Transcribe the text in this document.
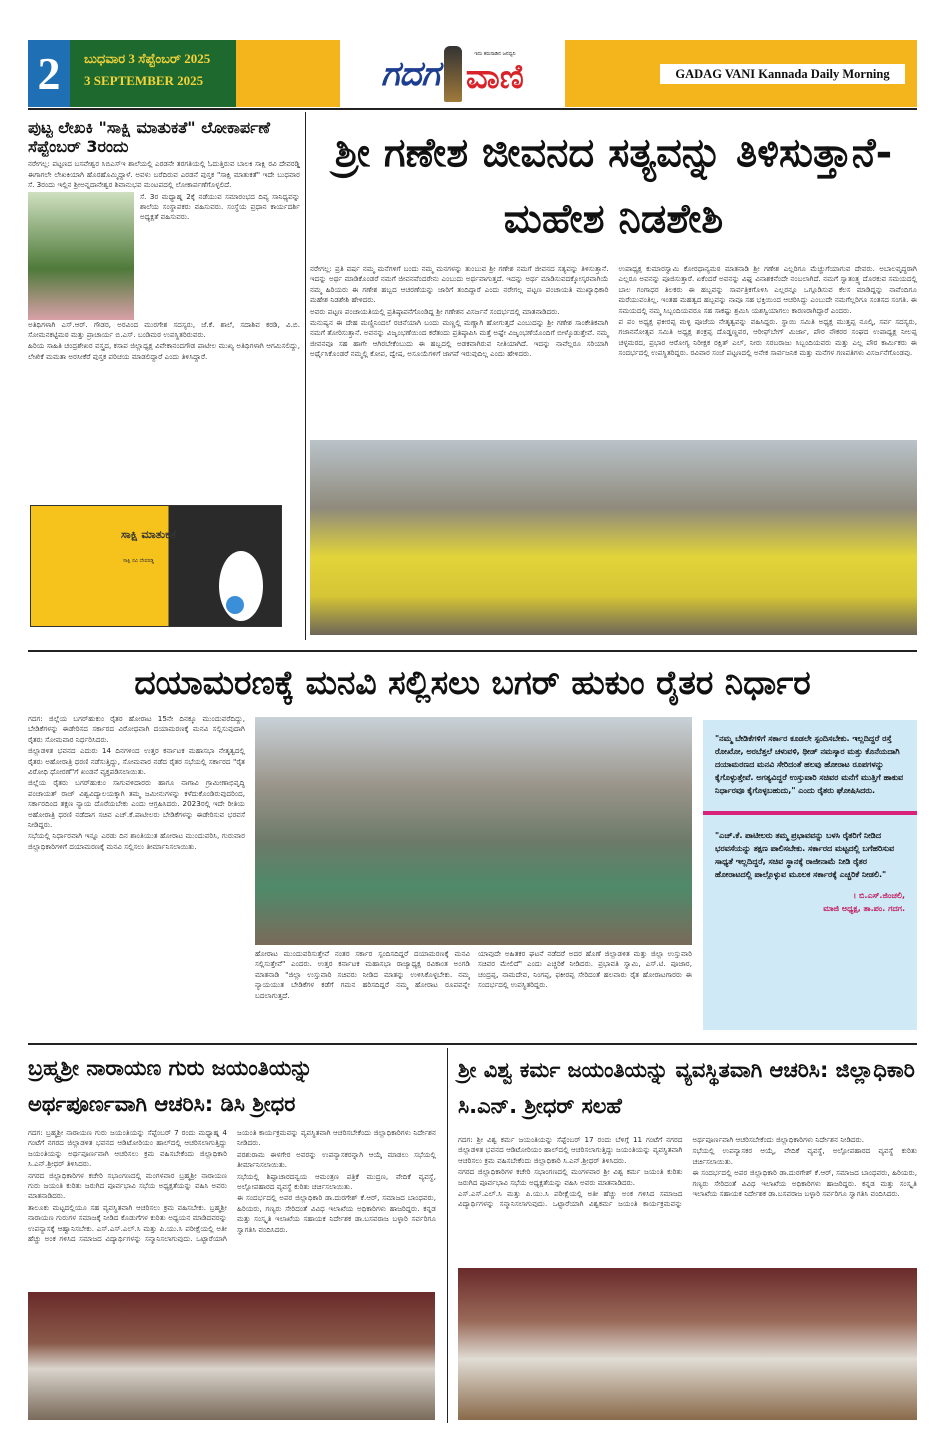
2	ಬುಧವಾರ 3 ಸೆಪ್ಟೆಂಬರ್ 2025
3 SEPTEMBER 2025	ಗದಗ	ಇದು ಕರುನಾಡಿನ ಜನಧ್ವನಿ
ವಾಣಿ	GADAG VANI Kannada Daily Morning
ಪುಟ್ಟ ಲೇಖಕಿ "ಸಾಕ್ಷಿ ಮಾತುಕತೆ" ಲೋಕಾರ್ಪಣೆ ಸೆಪ್ಟೆಂಬರ್ 3ರಂದು

ನರೇಗಲ್ಲ: ಪಟ್ಟಣದ ಬಸವೇಶ್ವರ ಸಿಬಿಎಸ್‌ಇ ಶಾಲೆಯಲ್ಲಿ ಎರಡನೇ ತರಗತಿಯಲ್ಲಿ ಓದುತ್ತಿರುವ ಬಾಲಕಿ ಸಾಕ್ಷಿ ರವಿ ದೇವರಡ್ಡಿ ಈಗಾಗಲೇ ಲೇಖಕಿಯಾಗಿ ಹೊರಹೊಮ್ಮಿದ್ದಾಳೆ. ಅವಳು ಬರೆದಿರುವ ಎರಡನೆ ಪುಸ್ತಕ "ಸಾಕ್ಷಿ ಮಾತುಕತೆ" ಇದೇ ಬುಧವಾರ ಸೆ. 3ರಂದು ಇಲ್ಲಿನ ಶ್ರೀಅನ್ನದಾನೇಶ್ವರ ಶಿವಾನುಭವ ಮಂಟಪದಲ್ಲಿ ಲೋಕಾರ್ಪಣೆಗೊಳ್ಳಲಿದೆ.

ಸೆ. 3ರ ಮಧ್ಯಾಹ್ನ 2ಕ್ಕೆ ನಡೆಯುವ ಸಮಾರಂಭದ ದಿವ್ಯ ಸಾನಿಧ್ಯವನ್ನು ಶಾಲೆಯ ಸಂಸ್ಥಾಪಕರು ವಹಿಸುವರು. ಸಂಸ್ಥೆಯ ಪ್ರಧಾನ ಕಾರ್ಯದರ್ಶಿ ಅಧ್ಯಕ್ಷತೆ ವಹಿಸುವರು.

ಅತಿಥಿಗಳಾಗಿ ಎಸ್.ಆರ್. ಗೌಡರ, ಅರವಿಂದ ಮುರಗೇಶ ಸದಸ್ಯರು, ಜೆ.ಕೆ. ಶಾಲೆ, ಸದಾಶಿವ ಕರಡಿ, ವಿ.ಬಿ. ಸೋಮನಕಟ್ಟಿಮಠ ಮತ್ತು ಪ್ರಾಚಾರ್ಯ ಬಿ.ಎಸ್. ಬಂಡಿಮಠ ಉಪಸ್ಥಿತರಿರುವರು.

ಹಿರಿಯ ಸಾಹಿತಿ ಚಂದ್ರಶೇಖರ ವಸ್ತ್ರದ, ಕಸಾಪ ಜಿಲ್ಲಾಧ್ಯಕ್ಷ ವಿವೇಕಾನಂದಗೌಡ ಪಾಟೀಲ ಮುಖ್ಯ ಅತಿಥಿಗಳಾಗಿ ಆಗಮಿಸಲಿದ್ದು, ಲೇಖಿಕೆ ಮಮತಾ ಅರಸೀಕೆರೆ ಪುಸ್ತಕ ಪರಿಚಯ ಮಾಡಲಿದ್ದಾರೆ ಎಂದು ತಿಳಿಸಿದ್ದಾರೆ.

ಸಾಕ್ಷಿ ಮಾತುಕತೆ
ಸಾಕ್ಷಿ ರವಿ ದೇವರಡ್ಡಿ
ಶ್ರೀ ಗಣೇಶ ಜೀವನದ ಸತ್ಯವನ್ನು ತಿಳಿಸುತ್ತಾನೆ- ಮಹೇಶ ನಿಡಶೇಶಿ

ನರೇಗಲ್ಲ: ಪ್ರತಿ ವರ್ಷ ನಮ್ಮ ಮನೆಗಳಿಗೆ ಬಂದು ನಮ್ಮ ಮನಗಳನ್ನು ತುಂಬುವ ಶ್ರೀ ಗಣೇಶ ನಮಗೆ ಜೀವನದ ಸತ್ಯವನ್ನು ತಿಳಿಸುತ್ತಾನೆ. ಇದನ್ನು ಅರ್ಥ ಮಾಡಿಕೊಂಡರೆ ನಮಗೆ ಜೀವನವೆಂದರೇನು ಎಂಬುದು ಅರ್ಥವಾಗುತ್ತದೆ. ಇದನ್ನು ಅರ್ಥ ಮಾಡಿಸುವದಕ್ಕೋಸ್ಕರವಾಗಿಯೆ ನಮ್ಮ ಹಿರಿಯರು ಈ ಗಣೇಶ ಹಬ್ಬದ ಆಚರಣೆಯನ್ನು ಜಾರಿಗೆ ತಂದಿದ್ದಾರೆ ಎಂದು ನರೇಗಲ್ಲ ಪಟ್ಟಣ ಪಂಚಾಯತಿ ಮುಖ್ಯಾಧಿಕಾರಿ ಮಹೇಶ ನಿಡಶೇಶಿ ಹೇಳಿದರು.

ಅವರು ಪಟ್ಟಣ ಪಂಚಾಯತಿಯಲ್ಲಿ ಪ್ರತಿಷ್ಠಾಪನೆಗೊಂಡಿದ್ದ ಶ್ರೀ ಗಣೇಶನ ವಿಸರ್ಜನೆ ಸಂದರ್ಭದಲ್ಲಿ ಮಾತನಾಡಿದರು.

ಮನುಷ್ಯನ ಈ ದೇಹ ಮಣ್ಣಿನಿಂದಲೆ ರಚನೆಯಾಗಿ ಬಂದು ಮಣ್ಣಲ್ಲಿ ಮಣ್ಣಾಗಿ ಹೋಗುತ್ತದೆ ಎಂಬುದನ್ನು ಶ್ರೀ ಗಣೇಶ ಸಾಂಕೇತಿಕವಾಗಿ ನಮಗೆ ತೋರಿಸುತ್ತಾನೆ. ಅವನನ್ನು ವಿಜೃಂಭಣೆಯಿಂದ ಕರೆತಂದು ಪ್ರತಿಷ್ಠಾಪಿಸಿ ಮತ್ತೆ ಅಷ್ಟೇ ವಿಜೃಂಭಣೆಯೊಂದಿಗೆ ಬೀಳ್ಕೊಡುತ್ತೇವೆ. ನಮ್ಮ ಜೀವನವೂ ಸಹ ಹಾಗೇ ಆಗಿರಬೇಕೆಂಬುದು ಈ ಹಬ್ಬದಲ್ಲಿ ಅಡಕವಾಗಿರುವ ನೀತಿಯಾಗಿದೆ. ಇದನ್ನು ನಾವೆಲ್ಲರೂ ಸರಿಯಾಗಿ ಅರ್ಥೈಸಿಕೊಂಡರೆ ನಮ್ಮಲ್ಲಿ ಕೋಪ, ದ್ವೇಷ, ಅಸೂಯೆಗಳಿಗೆ ಜಾಗವೆ ಇರುವುದಿಲ್ಲ ಎಂದು ಹೇಳಿದರು.

ಉಪಾಧ್ಯಕ್ಷ ಕುಮಾರಸ್ವಾಮಿ ಕೋರಧಾನ್ಯಮಠ ಮಾತನಾಡಿ ಶ್ರೀ ಗಣೇಶ ಎಲ್ಲರಿಗೂ ಮೆಚ್ಚುಗೆಯಾಗುವ ದೇವರು. ಅಬಾಲವೃದ್ಧರಾಗಿ ಎಲ್ಲರೂ ಅವನನ್ನು ಪೂಜಿಸುತ್ತಾರೆ. ಏಕೆಂದರೆ ಅವನನ್ನು ವಿಘ್ನ ವಿನಾಶಕನೆಂದೇ ನಂಬಲಾಗಿದೆ. ನಮಗೆ ಸ್ವಾತಂತ್ರ್ಯ ದೊರಕುವ ಸಮಯದಲ್ಲಿ ಬಾಲ ಗಂಗಾಧರ ತಿಲಕರು ಈ ಹಬ್ಬವನ್ನು ಸಾರ್ವತ್ರಿಕಗೊಳಿಸಿ ಎಲ್ಲರನ್ನೂ ಒಗ್ಗೂಡಿಸುವ ಕೆಲಸ ಮಾಡಿದ್ದನ್ನು ನಾವೆಂದಿಗೂ ಮರೆಯುವಂತಿಲ್ಲ. ಇಂತಹ ಮಹತ್ವದ ಹಬ್ಬವನ್ನು ನಾವೂ ಸಹ ಭಕ್ತಿಯಿಂದ ಆಚರಿಸಿದ್ದು ಎಂಬುದೇ ನಮಗೆಲ್ಲರಿಗೂ ಸಂತಸದ ಸಂಗತಿ. ಈ ಸಮಯದಲ್ಲಿ ನಮ್ಮ ಸಿಬ್ಬಂದಿಯವರೂ ಸಹ ಸಾಕಷ್ಟು ಶ್ರಮಿಸಿ ಯಶಸ್ವಿಯಾಗಲು ಕಾರಣರಾಗಿದ್ದಾರೆ ಎಂದರು.

ಪ ಪಂ ಅಧ್ಯಕ್ಷ ಫಕೀರಪ್ಪ ಮಳ್ಳಿ ಪೂಜೆಯ ನೇತೃತ್ವವನ್ನು ವಹಿಸಿದ್ದರು. ಸ್ಥಾಯಿ ಸಮಿತಿ ಅಧ್ಯಕ್ಷ ಮುತ್ತಪ್ಪ ನೂಲ್ಕಿ, ಸರ್ವ ಸದಸ್ಯರು, ಗಜಾನನೋತ್ಸವ ಸಮಿತಿ ಅಧ್ಯಕ್ಷ ಶಂಕ್ರಪ್ಪ ದೊಡ್ಡಣ್ಣವರ, ಆರೀಫ್‌ಬೇಗ್ ಮಿರ್ಜಾ, ಪೌರ ನೌಕರರ ಸಂಘದ ಉಪಾಧ್ಯಕ್ಷ ನೀಲಪ್ಪ ಚಳ್ಳಮರದ, ಪ್ರಭಾರ ಆರೋಗ್ಯ ನಿರೀಕ್ಷಕ ರಕ್ಷಿತ್ ಎಲ್, ನೀರು ಸರಬರಾಜು ಸಿಬ್ಬಂದಿಯವರು ಮತ್ತು ಎಲ್ಲ ಪೌರ ಕಾರ್ಮಿಕರು ಈ ಸಂದರ್ಭದಲ್ಲಿ ಉಪಸ್ಥಿತರಿದ್ದರು. ರವಿವಾರ ಸಂಜೆ ಪಟ್ಟಣದಲ್ಲಿ ಅನೇಕ ಸಾರ್ವಜನಿಕ ಮತ್ತು ಮನೆಗಳ ಗಣಪತಿಗಳು ವಿಸರ್ಜನೆಗೊಂಡವು.

ದಯಾಮರಣಕ್ಕೆ ಮನವಿ ಸಲ್ಲಿಸಲು ಬಗರ್ ಹುಕುಂ ರೈತರ ನಿರ್ಧಾರ

ಗದಗ: ಜಿಲ್ಲೆಯ ಬಗರ್‌ಹುಕುಂ ರೈತರ ಹೋರಾಟ 15ನೇ ದಿನಕ್ಕೂ ಮುಂದುವರೆದಿದ್ದು, ಬೇಡಿಕೆಗಳನ್ನು ಈಡೇರಿಸದ ಸರ್ಕಾರದ ವಿರೋಧವಾಗಿ ದಯಾಮರಣಕ್ಕೆ ಮನವಿ ಸಲ್ಲಿಸುವುದಾಗಿ ರೈತರು ಸೋಮವಾರ ನಿರ್ಧರಿಸಿದರು.

ಜಿಲ್ಲಾಡಳಿತ ಭವನದ ಎದುರು 14 ದಿನಗಳಿಂದ ಉತ್ತರ ಕರ್ನಾಟಕ ಮಹಾಸಭಾ ನೇತೃತ್ವದಲ್ಲಿ ರೈತರು ಅಹೋರಾತ್ರಿ ಧರಣಿ ನಡೆಸುತ್ತಿದ್ದು, ಸೋಮವಾರ ನಡೆದ ರೈತರ ಸಭೆಯಲ್ಲಿ ಸರ್ಕಾರದ "ರೈತ ವಿರೋಧಿ ಧೋರಣೆ"ಗೆ ಖಂಡನೆ ವ್ಯಕ್ತಪಡಿಸಲಾಯಿತು.

ಜಿಲ್ಲೆಯ ರೈತರು ಬಗರ್‌ಹುಕುಂ ಸಾಗುವಳಿದಾರರು ಹಾಗೂ ನಾಗಾವಿ ಗ್ರಾಮೀಣಾಭಿವೃದ್ಧಿ ಪಂಚಾಯತ್ ರಾಜ್ ವಿಶ್ವವಿದ್ಯಾಲಯಕ್ಕಾಗಿ ತಮ್ಮ ಜಮೀನುಗಳನ್ನು ಕಳೆದುಕೊಂಡಿರುವುದರಿಂದ, ಸರ್ಕಾರದಿಂದ ತಕ್ಷಣ ನ್ಯಾಯ ದೊರೆಯಬೇಕು ಎಂದು ಆಗ್ರಹಿಸಿದರು. 2023ರಲ್ಲಿ ಇದೇ ರೀತಿಯ ಅಹೋರಾತ್ರಿ ಧರಣಿ ನಡೆದಾಗ ಸಚಿವ ಎಚ್.ಕೆ.ಪಾಟೀಲರು ಬೇಡಿಕೆಗಳನ್ನು ಈಡೇರಿಸುವ ಭರವಸೆ ನೀಡಿದ್ದರು.

ಸಭೆಯಲ್ಲಿ ನಿರ್ಧಾರವಾಗಿ ಇನ್ನೂ ಎರಡು ದಿನ ಶಾಂತಿಯುತ ಹೋರಾಟ ಮುಂದುವರಿಸಿ, ಗುರುವಾರ ಜಿಲ್ಲಾಧಿಕಾರಿಗಳಿಗೆ ದಯಾಮರಣಕ್ಕೆ ಮನವಿ ಸಲ್ಲಿಸಲು ತೀರ್ಮಾನಿಸಲಾಯಿತು.

ಹೋರಾಟ ಮುಂದುವರಿಸುತ್ತೇವೆ ನಂತರ ಸರ್ಕಾರ ಸ್ಪಂದಿಸದಿದ್ದರೆ ದಯಾಮರಣಕ್ಕೆ ಮನವಿ ಸಲ್ಲಿಸುತ್ತೇವೆ" ಎಂದರು. ಉತ್ತರ ಕರ್ನಾಟಕ ಮಹಾಸಭಾ ರಾಜ್ಯಾಧ್ಯಕ್ಷ ರವಿಕಾಂತ ಅಂಗಡಿ ಮಾತನಾಡಿ "ಜಿಲ್ಲಾ ಉಸ್ತುವಾರಿ ಸಚಿವರು ನೀಡಿದ ಮಾತನ್ನು ಉಳಿಸಿಕೊಳ್ಳಬೇಕು. ನಮ್ಮ ನ್ಯಾಯಯುತ ಬೇಡಿಕೆಗಳ ಕಡೆಗೆ ಗಮನ ಹರಿಸದಿದ್ದರೆ ನಮ್ಮ ಹೋರಾಟ ರೂಪವನ್ನೇ ಬದಲಾಗುತ್ತದೆ.

ಯಾವುದೇ ಅಹಿತಕರ ಘಟನೆ ನಡೆದರೆ ಅದರ ಹೊಣೆ ಜಿಲ್ಲಾಡಳಿತ ಮತ್ತು ಜಿಲ್ಲಾ ಉಸ್ತುವಾರಿ ಸಚಿವರ ಮೇಲಿದೆ" ಎಂದು ಎಚ್ಚರಿಕೆ ನೀಡಿದರು. ಪ್ರಭಾವತಿ ಸ್ವಾಮಿ, ಎಸ್.ಟಿ. ಪೂಜಾರ, ಚಂದ್ರಪ್ಪ, ನಾಮದೇವ, ನಿಂಗಪ್ಪ, ಫಕೀರಪ್ಪ ಸೇರಿದಂತೆ ಹಲವಾರು ರೈತ ಹೋರಾಟಗಾರರು ಈ ಸಂದರ್ಭದಲ್ಲಿ ಉಪಸ್ಥಿತರಿದ್ದರು.

"ನಮ್ಮ ಬೇಡಿಕೆಗಳಿಗೆ ಸರ್ಕಾರ ಕೂಡಲೇ ಸ್ಪಂದಿಸಬೇಕು. ಇಲ್ಲದಿದ್ದರೆ ರಸ್ತೆ ರೋಖೋ, ಅರಬೆತ್ತಲೆ ಚಳುವಳಿ, ಥೀಡ್ ನಮಸ್ಕಾರ ಮತ್ತು ಕೊನೆಯದಾಗಿ ದಯಾಮರಣದ ಮನವಿ ಸೇರಿದಂತೆ ಹಲವು ಹೋರಾಟ ರೂಪಗಳನ್ನು ಕೈಗೊಳ್ಳುತ್ತೇವೆ. ಅಗತ್ಯವಿದ್ದರೆ ಉಸ್ತುವಾರಿ ಸಚಿವರ ಮನೆಗೆ ಮುತ್ತಿಗೆ ಹಾಕುವ ನಿರ್ಧಾರವೂ ಕೈಗೊಳ್ಳಬಹುದು," ಎಂದು ರೈತರು ಘೋಷಿಸಿದರು.
"ಎಚ್.ಕೆ. ಪಾಟೀಲರು ತಮ್ಮ ಪ್ರಭಾವವನ್ನು ಬಳಸಿ ರೈತರಿಗೆ ನೀಡಿದ ಭರವಸೆಯನ್ನು ತಕ್ಷಣ ಪಾಲಿಸಬೇಕು. ಸರ್ಕಾರದ ಮಟ್ಟದಲ್ಲಿ ಬಗೆಹರಿಸುವ ಸಾಧ್ಯತೆ ಇಲ್ಲದಿದ್ದರೆ, ಸಚಿವ ಸ್ಥಾನಕ್ಕೆ ರಾಜೀನಾಮೆ ನೀಡಿ ರೈತರ ಹೋರಾಟದಲ್ಲಿ ಪಾಲ್ಗೊಳ್ಳುವ ಮೂಲಕ ಸರ್ಕಾರಕ್ಕೆ ಎಚ್ಚರಿಕೆ ನೀಡಲಿ."
। ಬಿ.ಎಸ್.ಜಿಂಚಲಿ,
ಮಾಜಿ ಅಧ್ಯಕ್ಷ, ತಾ.ಪಂ. ಗದಗ.
ಬ್ರಹ್ಮಶ್ರೀ ನಾರಾಯಣ ಗುರು ಜಯಂತಿಯನ್ನು ಅರ್ಥಪೂರ್ಣವಾಗಿ ಆಚರಿಸಿ: ಡಿಸಿ ಶ್ರೀಧರ

ಗದಗ: ಬ್ರಹ್ಮಶ್ರೀ ನಾರಾಯಣ ಗುರು ಜಯಂತಿಯನ್ನು ಸೆಪ್ಟೆಂಬರ್ 7 ರಂದು ಮಧ್ಯಾಹ್ನ 4 ಗಂಟೆಗೆ ನಗರದ ಜಿಲ್ಲಾಡಳಿತ ಭವನದ ಆಡಿಟೋರಿಯಂ ಹಾಲ್‌ದಲ್ಲಿ ಆಚರಿಸಲಾಗುತ್ತಿದ್ದು ಜಯಂತಿಯನ್ನು ಅರ್ಥಪೂರ್ಣವಾಗಿ ಆಚರಿಸಲು ಕ್ರಮ ವಹಿಸಬೇಕೆಂದು ಜಿಲ್ಲಾಧಿಕಾರಿ ಸಿ.ಎನ್.ಶ್ರೀಧರ್ ತಿಳಿಸಿದರು.

ನಗರದ ಜಿಲ್ಲಾಧಿಕಾರಿಗಳ ಕಚೇರಿ ಸಭಾಂಗಣದಲ್ಲಿ ಮಂಗಳವಾರ ಬ್ರಹ್ಮಶ್ರೀ ನಾರಾಯಣ ಗುರು ಜಯಂತಿ ಕುರಿತು ಜರುಗಿದ ಪೂರ್ವಭಾವಿ ಸಭೆಯ ಅಧ್ಯಕ್ಷತೆಯನ್ನು ವಹಿಸಿ ಅವರು ಮಾತನಾಡಿದರು.

ತಾಲೂಕು ಮಟ್ಟದಲ್ಲಿಯೂ ಸಹ ವ್ಯವಸ್ಥಿತವಾಗಿ ಆಚರಿಸಲು ಕ್ರಮ ವಹಿಸಬೇಕು. ಬ್ರಹ್ಮಶ್ರೀ ನಾರಾಯಣ ಗುರುಗಳ ಸಮಾಜಕ್ಕೆ ನೀಡಿದ ಕೊಡುಗೆಗಳ ಕುರಿತು ಅಧ್ಯಯನ ಮಾಡಿದವರನ್ನು ಉಪನ್ಯಾಸಕ್ಕೆ ಆಹ್ವಾನಿಸಬೇಕು. ಎಸ್.ಎಸ್.ಎಲ್.ಸಿ ಮತ್ತು ಪಿ.ಯು.ಸಿ ಪರೀಕ್ಷೆಯಲ್ಲಿ ಅತೀ ಹೆಚ್ಚು ಅಂಕ ಗಳಿಸಿದ ಸಮಾಜದ ವಿದ್ಯಾರ್ಥಿಗಳನ್ನು ಸನ್ಮಾನಿಸಲಾಗುವುದು. ಒಟ್ಟಾರೆಯಾಗಿ ಜಯಂತಿ ಕಾರ್ಯಕ್ರಮವನ್ನು ವ್ಯವಸ್ಥಿತವಾಗಿ ಆಚರಿಸಬೇಕೆಂದು ಜಿಲ್ಲಾಧಿಕಾರಿಗಳು ನಿರ್ದೇಶನ ನೀಡಿದರು.

ಪರಶುರಾಮ ಈಳಗೇರ ಅವರನ್ನು ಉಪನ್ಯಾಸಕರನ್ನಾಗಿ ಆಯ್ಕೆ ಮಾಡಲು ಸಭೆಯಲ್ಲಿ ತೀರ್ಮಾನಿಸಲಾಯಿತು.

ಸಭೆಯಲ್ಲಿ ಶಿಷ್ಟಾಚಾರದನ್ವಯ ಆಮಂತ್ರಣ ಪತ್ರಿಕೆ ಮುದ್ರಣ, ವೇದಿಕೆ ವ್ಯವಸ್ಥೆ, ಅಲ್ಪೋಪಹಾರದ ವ್ಯವಸ್ಥೆ ಕುರಿತು ಚರ್ಚಿಸಲಾಯಿತು.

ಈ ಸಂದರ್ಭದಲ್ಲಿ ಅಪರ ಜಿಲ್ಲಾಧಿಕಾರಿ ಡಾ.ದುರಗೇಶ್ ಕೆ.ಆರ್, ಸಮಾಜದ ಬಾಂಧವರು, ಹಿರಿಯರು, ಗಣ್ಯರು ಸೇರಿದಂತೆ ವಿವಿಧ ಇಲಾಖೆಯ ಅಧಿಕಾರಿಗಳು ಹಾಜರಿದ್ದರು. ಕನ್ನಡ ಮತ್ತು ಸಂಸ್ಕೃತಿ ಇಲಾಖೆಯ ಸಹಾಯಕ ನಿರ್ದೇಶಕ ಡಾ.ಬಸವರಾಜ ಬಳ್ಳಾರಿ ಸರ್ವರಿಗೂ ಸ್ವಾಗತಿಸಿ ವಂದಿಸಿದರು.

ಶ್ರೀ ವಿಶ್ವ ಕರ್ಮ ಜಯಂತಿಯನ್ನು ವ್ಯವಸ್ಥಿತವಾಗಿ ಆಚರಿಸಿ: ಜಿಲ್ಲಾಧಿಕಾರಿ ಸಿ.ಎನ್. ಶ್ರೀಧರ್ ಸಲಹೆ

ಗದಗ: ಶ್ರೀ ವಿಶ್ವ ಕರ್ಮ ಜಯಂತಿಯನ್ನು ಸೆಪ್ಟೆಂಬರ್ 17 ರಂದು ಬೆಳಿಗ್ಗೆ 11 ಗಂಟೆಗೆ ನಗರದ ಜಿಲ್ಲಾಡಳಿತ ಭವನದ ಆಡಿಟೋರಿಯಂ ಹಾಲ್‌ದಲ್ಲಿ ಆಚರಿಸಲಾಗುತ್ತಿದ್ದು ಜಯಂತಿಯನ್ನು ವ್ಯವಸ್ಥಿತವಾಗಿ ಆಚರಿಸಲು ಕ್ರಮ ವಹಿಸಬೇಕೆಂದು ಜಿಲ್ಲಾಧಿಕಾರಿ ಸಿ.ಎನ್.ಶ್ರೀಧರ್ ತಿಳಿಸಿದರು.

ನಗರದ ಜಿಲ್ಲಾಧಿಕಾರಿಗಳ ಕಚೇರಿ ಸಭಾಂಗಣದಲ್ಲಿ ಮಂಗಳವಾರ ಶ್ರೀ ವಿಶ್ವ ಕರ್ಮ ಜಯಂತಿ ಕುರಿತು ಜರುಗಿದ ಪೂರ್ವಭಾವಿ ಸಭೆಯ ಅಧ್ಯಕ್ಷತೆಯನ್ನು ವಹಿಸಿ ಅವರು ಮಾತನಾಡಿದರು.

ಎಸ್.ಎಸ್.ಎಲ್.ಸಿ ಮತ್ತು ಪಿ.ಯು.ಸಿ ಪರೀಕ್ಷೆಯಲ್ಲಿ ಅತೀ ಹೆಚ್ಚು ಅಂಕ ಗಳಿಸಿದ ಸಮಾಜದ ವಿದ್ಯಾರ್ಥಿಗಳನ್ನು ಸನ್ಮಾನಿಸಲಾಗುವುದು. ಒಟ್ಟಾರೆಯಾಗಿ ವಿಶ್ವಕರ್ಮ ಜಯಂತಿ ಕಾರ್ಯಕ್ರಮವನ್ನು ಅರ್ಥಪೂರ್ಣವಾಗಿ ಆಚರಿಸಬೇಕೆಂದು ಜಿಲ್ಲಾಧಿಕಾರಿಗಳು ನಿರ್ದೇಶನ ನೀಡಿದರು.

ಸಭೆಯಲ್ಲಿ ಉಪನ್ಯಾಸಕರ ಆಯ್ಕೆ, ವೇದಿಕೆ ವ್ಯವಸ್ಥೆ, ಅಲ್ಪೋಪಹಾರದ ವ್ಯವಸ್ಥೆ ಕುರಿತು ಚರ್ಚಿಸಲಾಯಿತು.

ಈ ಸಂದರ್ಭದಲ್ಲಿ ಅಪರ ಜಿಲ್ಲಾಧಿಕಾರಿ ಡಾ.ದುರಗೇಶ್ ಕೆ.ಆರ್, ಸಮಾಜದ ಬಾಂಧವರು, ಹಿರಿಯರು, ಗಣ್ಯರು ಸೇರಿದಂತೆ ವಿವಿಧ ಇಲಾಖೆಯ ಅಧಿಕಾರಿಗಳು ಹಾಜರಿದ್ದರು. ಕನ್ನಡ ಮತ್ತು ಸಂಸ್ಕೃತಿ ಇಲಾಖೆಯ ಸಹಾಯಕ ನಿರ್ದೇಶಕ ಡಾ.ಬಸವರಾಜ ಬಳ್ಳಾರಿ ಸರ್ವರಿಗೂ ಸ್ವಾಗತಿಸಿ ವಂದಿಸಿದರು.
